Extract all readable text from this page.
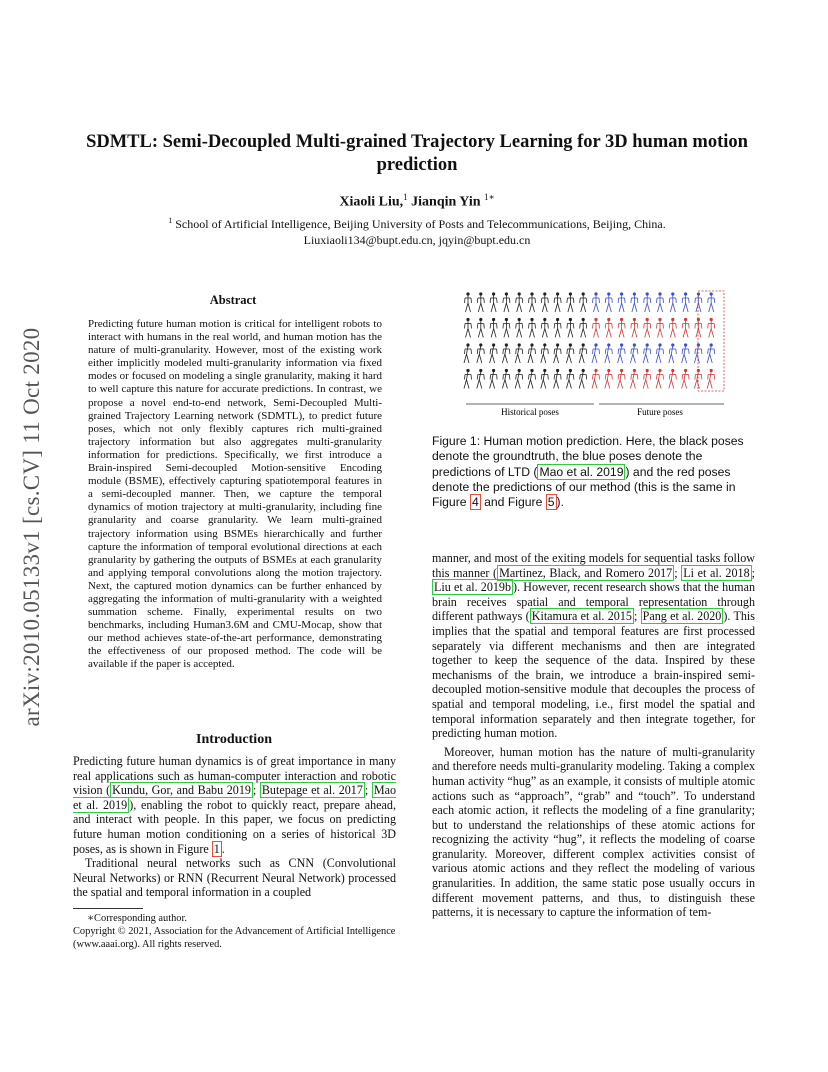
arXiv:2010.05133v1 [cs.CV] 11 Oct 2020
SDMTL: Semi-Decoupled Multi-grained Trajectory Learning for 3D human motion prediction
Xiaoli Liu,$^1$ Jianqin Yin $^{1∗}$
$^1$ School of Artificial Intelligence, Beijing University of Posts and Telecommunications, Beijing, China.
Liuxiaoli134@bupt.edu.cn, jqyin@bupt.edu.cn
Abstract
Predicting future human motion is critical for intelligent robots to interact with humans in the real world, and human motion has the nature of multi-granularity. However, most of the existing work either implicitly modeled multi-granularity information via fixed modes or focused on modeling a single granularity, making it hard to well capture this nature for accurate predictions. In contrast, we propose a novel end-to-end network, Semi-Decoupled Multi-grained Trajectory Learning network (SDMTL), to predict future poses, which not only flexibly captures rich multi-grained trajectory information but also aggregates multi-granularity information for predictions. Specifically, we first introduce a Brain-inspired Semi-decoupled Motion-sensitive Encoding module (BSME), effectively capturing spatiotemporal features in a semi-decoupled manner. Then, we capture the temporal dynamics of motion trajectory at multi-granularity, including fine granularity and coarse granularity. We learn multi-grained trajectory information using BSMEs hierarchically and further capture the information of temporal evolutional directions at each granularity by gathering the outputs of BSMEs at each granularity and applying temporal convolutions along the motion trajectory. Next, the captured motion dynamics can be further enhanced by aggregating the information of multi-granularity with a weighted summation scheme. Finally, experimental results on two benchmarks, including Human3.6M and CMU-Mocap, show that our method achieves state-of-the-art performance, demonstrating the effectiveness of our proposed method. The code will be available if the paper is accepted.
Introduction

Predicting future human dynamics is of great importance in many real applications such as human-computer interaction and robotic vision ( Kundu, Gor, and Babu 2019 ; Butepage et al. 2017 ; Mao et al. 2019 ), enabling the robot to quickly react, prepare ahead, and interact with people. In this paper, we focus on predicting future human motion conditioning on a series of historical 3D poses, as is shown in Figure 1 .

Traditional neural networks such as CNN (Convolutional Neural Networks) or RNN (Recurrent Neural Network) processed the spatial and temporal information in a coupled

∗Corresponding author.
Copyright © 2021, Association for the Advancement of Artificial Intelligence (www.aaai.org). All rights reserved.
Historical poses	Future poses
Figure 1: Human motion prediction. Here, the black poses denote the groundtruth, the blue poses denote the predictions of LTD ( Mao et al. 2019 ) and the red poses denote the predictions of our method (this is the same in Figure 4 and Figure 5 ).

manner, and most of the exiting models for sequential tasks follow this manner ( Martinez, Black, and Romero 2017 ; Li et al. 2018 ; Liu et al. 2019b ). However, recent research shows that the human brain receives spatial and temporal representation through different pathways ( Kitamura et al. 2015 ; Pang et al. 2020 ). This implies that the spatial and temporal features are first processed separately via different mechanisms and then are integrated together to keep the sequence of the data. Inspired by these mechanisms of the brain, we introduce a brain-inspired semi-decoupled motion-sensitive module that decouples the process of spatial and temporal modeling, i.e., first model the spatial and temporal information separately and then integrate together, for predicting human motion.

Moreover, human motion has the nature of multi-granularity and therefore needs multi-granularity modeling. Taking a complex human activity “hug” as an example, it consists of multiple atomic actions such as “approach”, “grab” and “touch”. To understand each atomic action, it reflects the modeling of a fine granularity; but to understand the relationships of these atomic actions for recognizing the activity “hug”, it reflects the modeling of coarse granularity. Moreover, different complex activities consist of various atomic actions and they reflect the modeling of various granularities. In addition, the same static pose usually occurs in different movement patterns, and thus, to distinguish these patterns, it is necessary to capture the information of tem-
